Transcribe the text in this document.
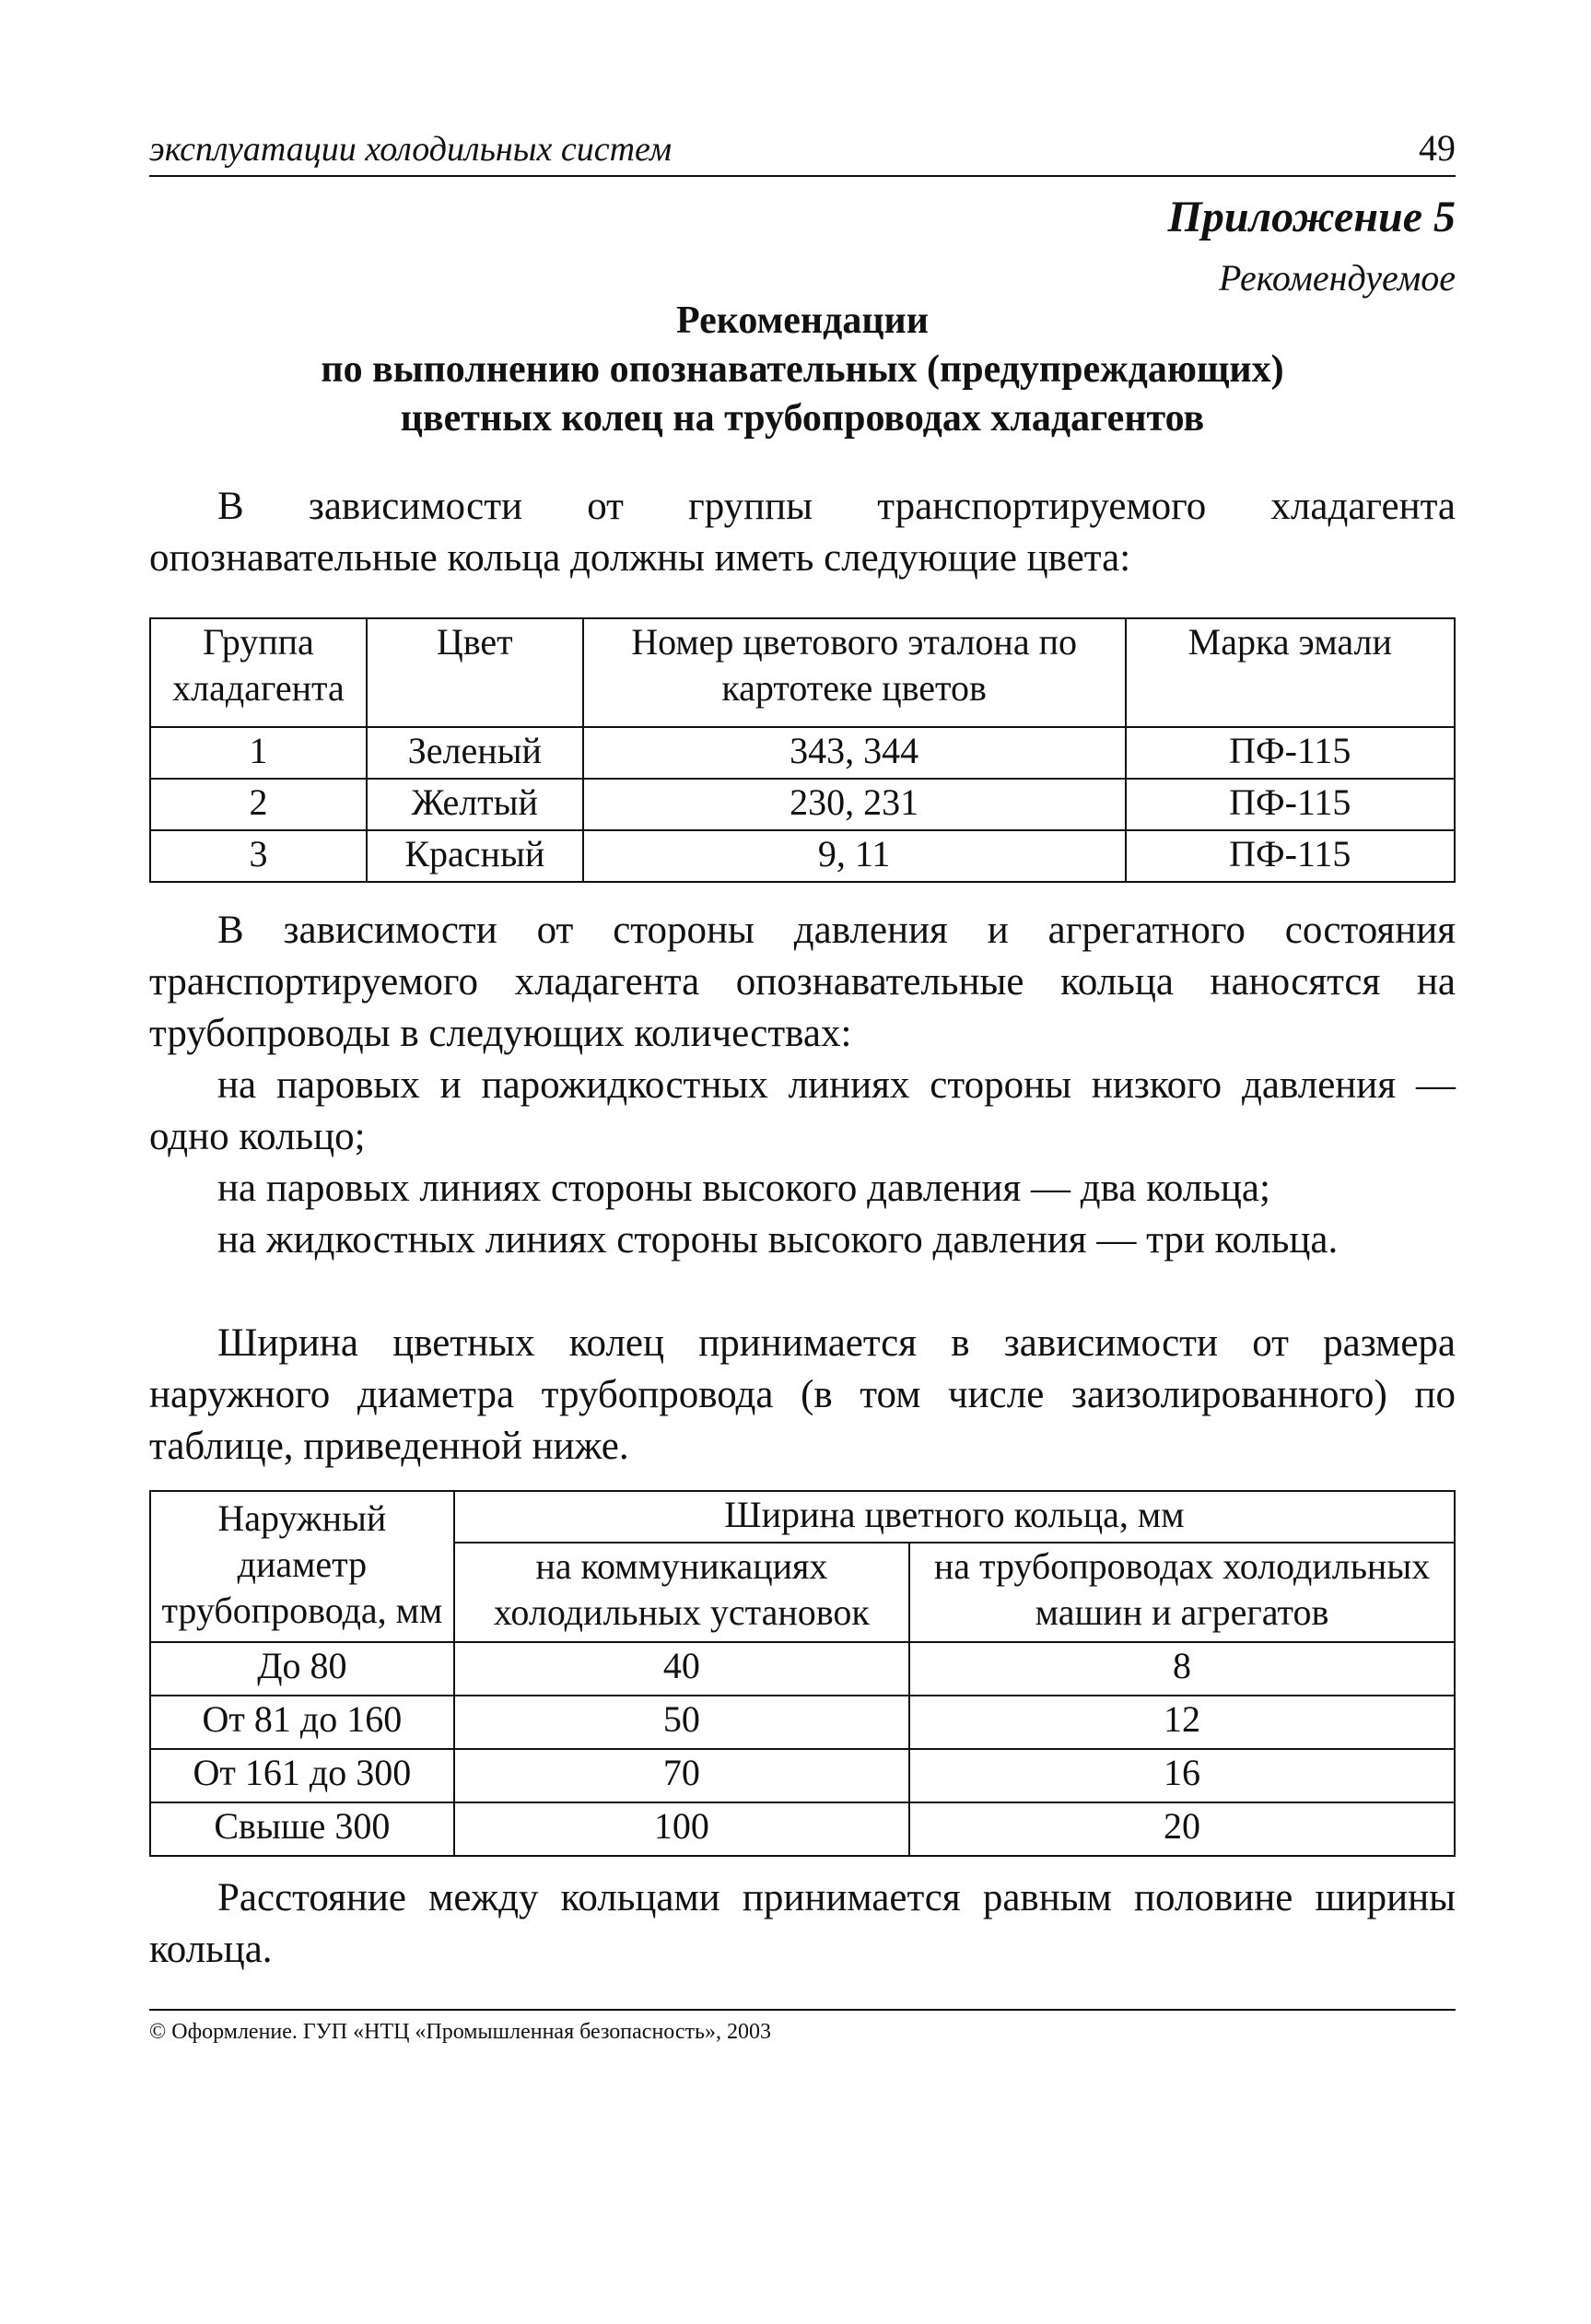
эксплуатации холодильных систем	49
Приложение 5
Рекомендуемое
Рекомендации
по выполнению опознавательных (предупреждающих)
цветных колец на трубопроводах хладагентов

В зависимости от группы транспортируемого хладагента опознавательные кольца должны иметь следующие цвета:

Группа хладагента	Цвет	Номер цветового эталона по картотеке цветов	Марка эмали
1	Зеленый	343, 344	ПФ-115
2	Желтый	230, 231	ПФ-115
3	Красный	9, 11	ПФ-115

В зависимости от стороны давления и агрегатного состояния транспортируемого хладагента опознавательные кольца наносятся на трубопроводы в следующих количествах:

на паровых и парожидкостных линиях стороны низкого давления — одно кольцо;

на паровых линиях стороны высокого давления — два кольца;

на жидкостных линиях стороны высокого давления — три кольца.

Ширина цветных колец принимается в зависимости от размера наружного диаметра трубопровода (в том числе заизолированного) по таблице, приведенной ниже.

Наружный диаметр трубопровода, мм	Ширина цветного кольца, мм	
	на коммуникациях холодильных установок	на трубопроводах холодильных машин и агрегатов
До 80	40	8
От 81 до 160	50	12
От 161 до 300	70	16
Свыше 300	100	20

Расстояние между кольцами принимается равным половине ширины кольца.

© Оформление. ГУП «НТЦ «Промышленная безопасность», 2003
